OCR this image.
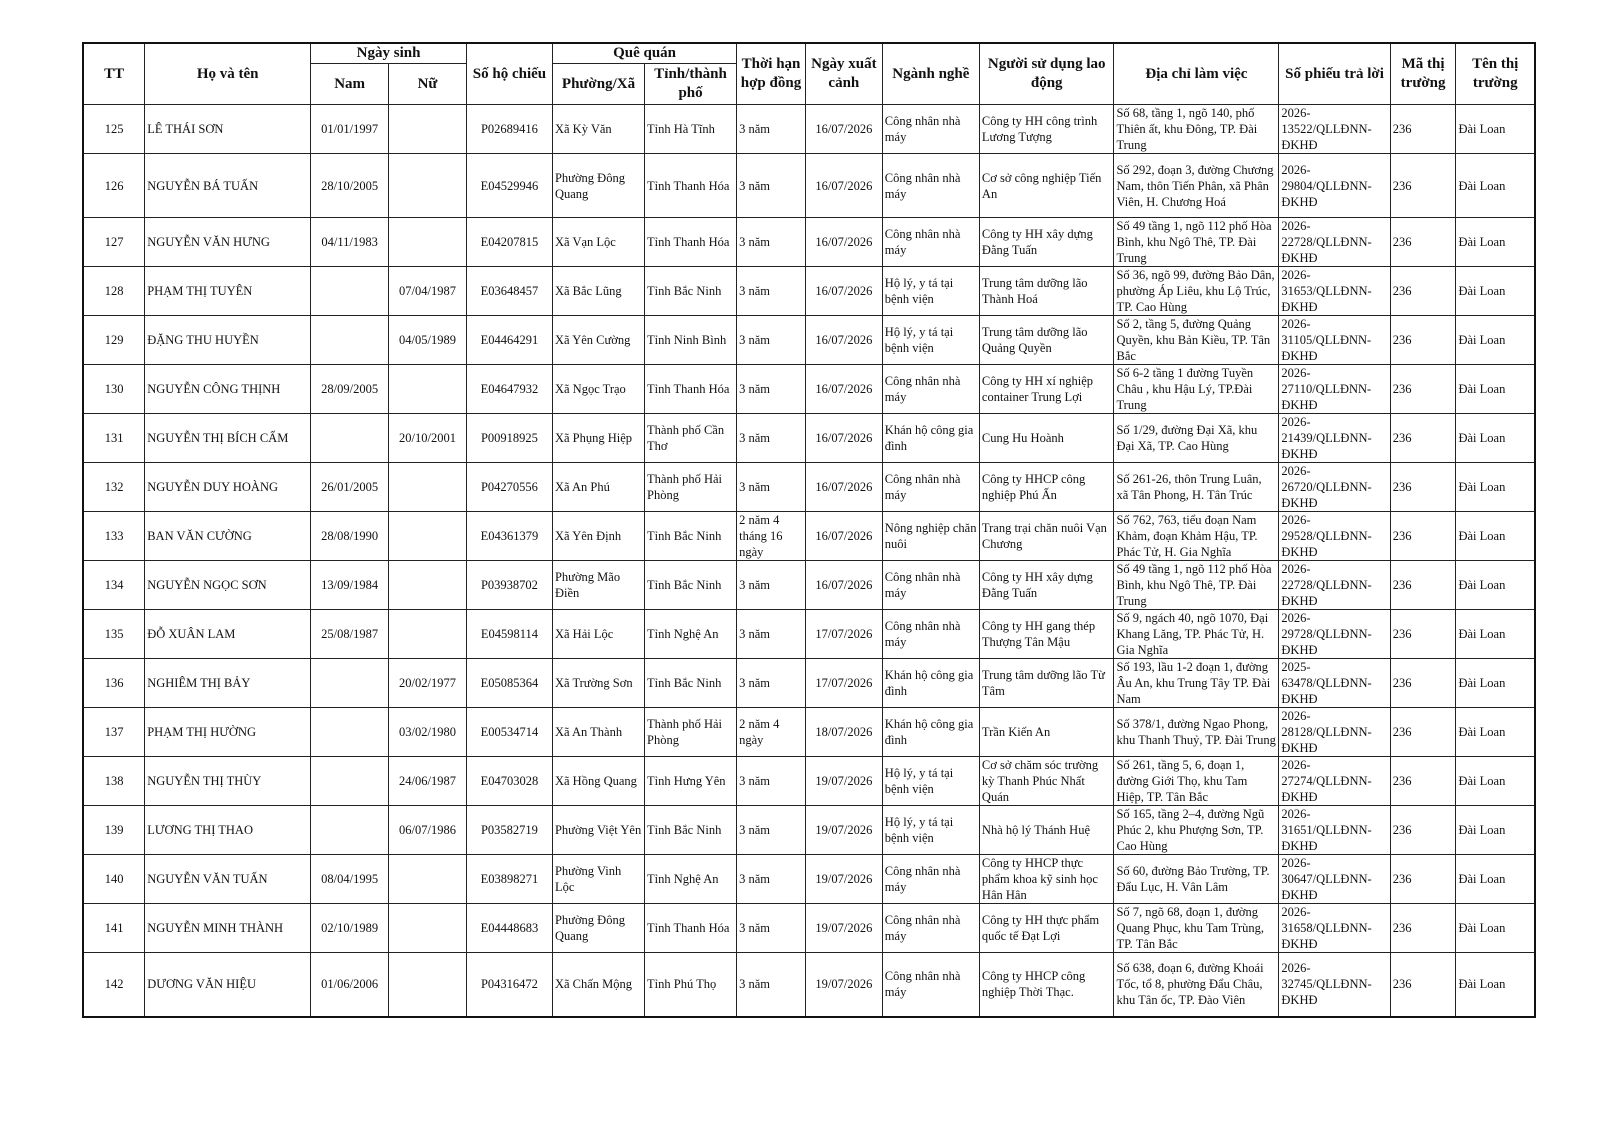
TT	Họ và tên	Ngày sinh		Số hộ chiếu	Quê quán		Thời hạn hợp đồng	Ngày xuất cảnh	Ngành nghề	Người sử dụng lao động	Địa chỉ làm việc	Số phiếu trả lời	Mã thị trường	Tên thị trường
		Nam	Nữ		Phường/Xã	Tỉnh/thành phố								
125	LÊ THÁI SƠN	01/01/1997		P02689416	Xã Kỳ Văn	Tỉnh Hà Tĩnh	3 năm	16/07/2026	Công nhân nhà máy	Công ty HH công trình Lương Tượng	Số 68, tầng 1, ngõ 140, phố Thiên ất, khu Đông, TP. Đài Trung	2026-13522/QLLĐNN-ĐKHĐ	236	Đài Loan
126	NGUYỄN BÁ TUẤN	28/10/2005		E04529946	Phường Đông Quang	Tỉnh Thanh Hóa	3 năm	16/07/2026	Công nhân nhà máy	Cơ sở công nghiệp Tiến An	Số 292, đoạn 3, đường Chương Nam, thôn Tiến Phân, xã Phân Viên, H. Chương Hoá	2026-29804/QLLĐNN-ĐKHĐ	236	Đài Loan
127	NGUYỄN VĂN HƯNG	04/11/1983		E04207815	Xã Vạn Lộc	Tỉnh Thanh Hóa	3 năm	16/07/2026	Công nhân nhà máy	Công ty HH xây dựng Đằng Tuấn	Số 49 tầng 1, ngõ 112 phố Hòa Bình, khu Ngô Thê, TP. Đài Trung	2026-22728/QLLĐNN-ĐKHĐ	236	Đài Loan
128	PHẠM THỊ TUYÊN		07/04/1987	E03648457	Xã Bắc Lũng	Tỉnh Bắc Ninh	3 năm	16/07/2026	Hộ lý, y tá tại bệnh viện	Trung tâm dưỡng lão Thành Hoá	Số 36, ngõ 99, đường Bảo Dân, phường Áp Liêu, khu Lộ Trúc, TP. Cao Hùng	2026-31653/QLLĐNN-ĐKHĐ	236	Đài Loan
129	ĐẶNG THU HUYỀN		04/05/1989	E04464291	Xã Yên Cường	Tỉnh Ninh Bình	3 năm	16/07/2026	Hộ lý, y tá tại bệnh viện	Trung tâm dưỡng lão Quảng Quyền	Số 2, tầng 5, đường Quảng Quyền, khu Bản Kiều, TP. Tân Bắc	2026-31105/QLLĐNN-ĐKHĐ	236	Đài Loan
130	NGUYỄN CÔNG THỊNH	28/09/2005		E04647932	Xã Ngọc Trạo	Tỉnh Thanh Hóa	3 năm	16/07/2026	Công nhân nhà máy	Công ty HH xí nghiệp container Trung Lợi	Số 6-2 tầng 1 đường Tuyền Châu , khu Hậu Lý, TP.Đài Trung	2026-27110/QLLĐNN-ĐKHĐ	236	Đài Loan
131	NGUYỄN THỊ BÍCH CẨM		20/10/2001	P00918925	Xã Phụng Hiệp	Thành phố Cần Thơ	3 năm	16/07/2026	Khán hộ công gia đình	Cung Hu Hoành	Số 1/29, đường Đại Xã, khu Đại Xã, TP. Cao Hùng	2026-21439/QLLĐNN-ĐKHĐ	236	Đài Loan
132	NGUYỄN DUY HOÀNG	26/01/2005		P04270556	Xã An Phú	Thành phố Hải Phòng	3 năm	16/07/2026	Công nhân nhà máy	Công ty HHCP công nghiệp Phú Ấn	Số 261-26, thôn Trung Luân, xã Tân Phong, H. Tân Trúc	2026-26720/QLLĐNN-ĐKHĐ	236	Đài Loan
133	BAN VĂN CƯỜNG	28/08/1990		E04361379	Xã Yên Định	Tỉnh Bắc Ninh	2 năm 4 tháng 16 ngày	16/07/2026	Nông nghiệp chăn nuôi	Trang trại chăn nuôi Vạn Chương	Số 762, 763, tiểu đoạn Nam Khảm, đoạn Khảm Hậu, TP. Phác Tử, H. Gia Nghĩa	2026-29528/QLLĐNN-ĐKHĐ	236	Đài Loan
134	NGUYỄN NGỌC SƠN	13/09/1984		P03938702	Phường Mão Điền	Tỉnh Bắc Ninh	3 năm	16/07/2026	Công nhân nhà máy	Công ty HH xây dựng Đằng Tuấn	Số 49 tầng 1, ngõ 112 phố Hòa Bình, khu Ngô Thê, TP. Đài Trung	2026-22728/QLLĐNN-ĐKHĐ	236	Đài Loan
135	ĐỖ XUÂN LAM	25/08/1987		E04598114	Xã Hải Lộc	Tỉnh Nghệ An	3 năm	17/07/2026	Công nhân nhà máy	Công ty HH gang thép Thượng Tân Mậu	Số 9, ngách 40, ngõ 1070, Đại Khang Lăng, TP. Phác Tử, H. Gia Nghĩa	2026-29728/QLLĐNN-ĐKHĐ	236	Đài Loan
136	NGHIÊM THỊ BẢY		20/02/1977	E05085364	Xã Trường Sơn	Tỉnh Bắc Ninh	3 năm	17/07/2026	Khán hộ công gia đình	Trung tâm dưỡng lão Từ Tâm	Số 193, lầu 1-2 đoạn 1, đường Âu An, khu Trung Tây TP. Đài Nam	2025-63478/QLLĐNN-ĐKHĐ	236	Đài Loan
137	PHẠM THỊ HƯỜNG		03/02/1980	E00534714	Xã An Thành	Thành phố Hải Phòng	2 năm 4 ngày	18/07/2026	Khán hộ công gia đình	Trần Kiến An	Số 378/1, đường Ngao Phong, khu Thanh Thuỷ, TP. Đài Trung	2026-28128/QLLĐNN-ĐKHĐ	236	Đài Loan
138	NGUYỄN THỊ THÙY		24/06/1987	E04703028	Xã Hồng Quang	Tỉnh Hưng Yên	3 năm	19/07/2026	Hộ lý, y tá tại bệnh viện	Cơ sở chăm sóc trường kỳ Thanh Phúc Nhất Quán	Số 261, tầng 5, 6, đoạn 1, đường Giới Thọ, khu Tam Hiệp, TP. Tân Bắc	2026-27274/QLLĐNN-ĐKHĐ	236	Đài Loan
139	LƯƠNG THỊ THAO		06/07/1986	P03582719	Phường Việt Yên	Tỉnh Bắc Ninh	3 năm	19/07/2026	Hộ lý, y tá tại bệnh viện	Nhà hộ lý Thánh Huệ	Số 165, tầng 2–4, đường Ngũ Phúc 2, khu Phượng Sơn, TP. Cao Hùng	2026-31651/QLLĐNN-ĐKHĐ	236	Đài Loan
140	NGUYỄN VĂN TUẤN	08/04/1995		E03898271	Phường Vinh Lộc	Tỉnh Nghệ An	3 năm	19/07/2026	Công nhân nhà máy	Công ty HHCP thực phẩm khoa kỹ sinh học Hân Hân	Số 60, đường Bảo Trường, TP. Đẩu Lục, H. Vân Lâm	2026-30647/QLLĐNN-ĐKHĐ	236	Đài Loan
141	NGUYỄN MINH THÀNH	02/10/1989		E04448683	Phường Đông Quang	Tỉnh Thanh Hóa	3 năm	19/07/2026	Công nhân nhà máy	Công ty HH thực phẩm quốc tế Đạt Lợi	Số 7, ngõ 68, đoạn 1, đường Quang Phục, khu Tam Trùng, TP. Tân Bắc	2026-31658/QLLĐNN-ĐKHĐ	236	Đài Loan
142	DƯƠNG VĂN HIỆU	01/06/2006		P04316472	Xã Chấn Mộng	Tỉnh Phú Thọ	3 năm	19/07/2026	Công nhân nhà máy	Công ty HHCP công nghiệp Thời Thạc.	Số 638, đoạn 6, đường Khoái Tốc, tổ 8, phường Đẩu Châu, khu Tân ốc, TP. Đào Viên	2026-32745/QLLĐNN-ĐKHĐ	236	Đài Loan
